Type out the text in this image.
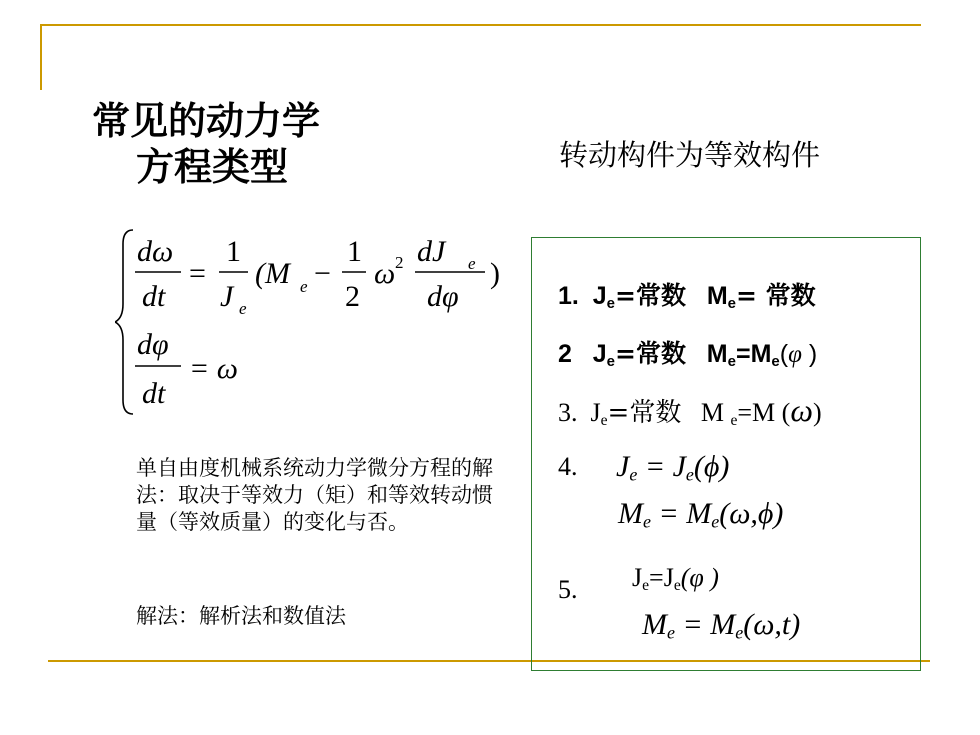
常见的动力学
方程类型	转动构件为等效构件
dω
dt
=
1
J e
(M e −
1
2
ω 2 dJ e
dφ
)
dφ
dt
= ω
单自由度机械系统动力学微分方程的解法：取决于等效力（矩）和等效转动惯量（等效质量）的变化与否。
解法：解析法和数值法
1. $J_e=$常数 $M_e=$ 常数
2 $J_e=$常数 $M_e=M_e(\varphi$ )
3. $J_e=$常数 M $_e$=M (ω)
4. $J_e = J_e(\phi)$
$M_e = M_e(\omega,\phi)$
5. $J_e=J_e(\varphi$ )
$M_e = M_e(\omega,t)$
